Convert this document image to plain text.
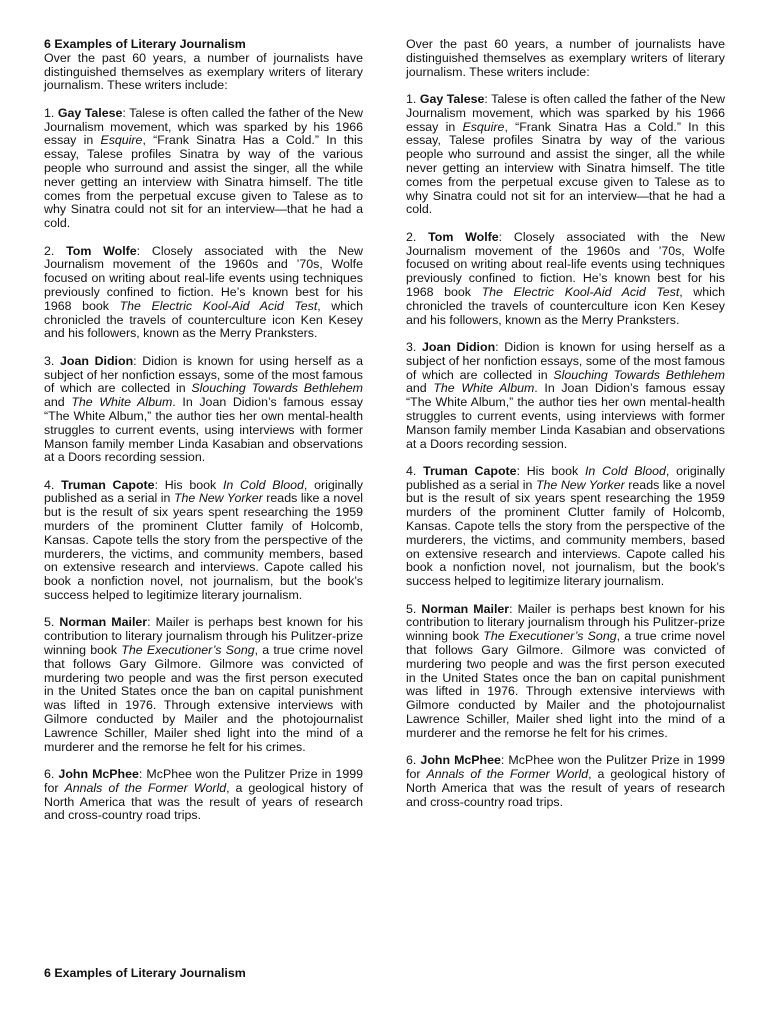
6 Examples of Literary Journalism

Over the past 60 years, a number of journalists have distinguished themselves as exemplary writers of literary journalism. These writers include:

1. Gay Talese: Talese is often called the father of the New Journalism movement, which was sparked by his 1966 essay in Esquire, “Frank Sinatra Has a Cold.” In this essay, Talese profiles Sinatra by way of the various people who surround and assist the singer, all the while never getting an interview with Sinatra himself. The title comes from the perpetual excuse given to Talese as to why Sinatra could not sit for an interview—that he had a cold.

2. Tom Wolfe: Closely associated with the New Journalism movement of the 1960s and ’70s, Wolfe focused on writing about real-life events using techniques previously confined to fiction. He’s known best for his 1968 book The Electric Kool-Aid Acid Test, which chronicled the travels of counterculture icon Ken Kesey and his followers, known as the Merry Pranksters.

3. Joan Didion: Didion is known for using herself as a subject of her nonfiction essays, some of the most famous of which are collected in Slouching Towards Bethlehem and The White Album. In Joan Didion’s famous essay “The White Album,” the author ties her own mental-health struggles to current events, using interviews with former Manson family member Linda Kasabian and observations at a Doors recording session.

4. Truman Capote: His book In Cold Blood, originally published as a serial in The New Yorker reads like a novel but is the result of six years spent researching the 1959 murders of the prominent Clutter family of Holcomb, Kansas. Capote tells the story from the perspective of the murderers, the victims, and community members, based on extensive research and interviews. Capote called his book a nonfiction novel, not journalism, but the book’s success helped to legitimize literary journalism.

5. Norman Mailer: Mailer is perhaps best known for his contribution to literary journalism through his Pulitzer-prize winning book The Executioner’s Song, a true crime novel that follows Gary Gilmore. Gilmore was convicted of murdering two people and was the first person executed in the United States once the ban on capital punishment was lifted in 1976. Through extensive interviews with Gilmore conducted by Mailer and the photojournalist Lawrence Schiller, Mailer shed light into the mind of a murderer and the remorse he felt for his crimes.

6. John McPhee: McPhee won the Pulitzer Prize in 1999 for Annals of the Former World, a geological history of North America that was the result of years of research and cross-country road trips.

Over the past 60 years, a number of journalists have distinguished themselves as exemplary writers of literary journalism. These writers include:

1. Gay Talese: Talese is often called the father of the New Journalism movement, which was sparked by his 1966 essay in Esquire, “Frank Sinatra Has a Cold.” In this essay, Talese profiles Sinatra by way of the various people who surround and assist the singer, all the while never getting an interview with Sinatra himself. The title comes from the perpetual excuse given to Talese as to why Sinatra could not sit for an interview—that he had a cold.

2. Tom Wolfe: Closely associated with the New Journalism movement of the 1960s and ’70s, Wolfe focused on writing about real-life events using techniques previously confined to fiction. He’s known best for his 1968 book The Electric Kool-Aid Acid Test, which chronicled the travels of counterculture icon Ken Kesey and his followers, known as the Merry Pranksters.

3. Joan Didion: Didion is known for using herself as a subject of her nonfiction essays, some of the most famous of which are collected in Slouching Towards Bethlehem and The White Album. In Joan Didion’s famous essay “The White Album,” the author ties her own mental-health struggles to current events, using interviews with former Manson family member Linda Kasabian and observations at a Doors recording session.

4. Truman Capote: His book In Cold Blood, originally published as a serial in The New Yorker reads like a novel but is the result of six years spent researching the 1959 murders of the prominent Clutter family of Holcomb, Kansas. Capote tells the story from the perspective of the murderers, the victims, and community members, based on extensive research and interviews. Capote called his book a nonfiction novel, not journalism, but the book’s success helped to legitimize literary journalism.

5. Norman Mailer: Mailer is perhaps best known for his contribution to literary journalism through his Pulitzer-prize winning book The Executioner’s Song, a true crime novel that follows Gary Gilmore. Gilmore was convicted of murdering two people and was the first person executed in the United States once the ban on capital punishment was lifted in 1976. Through extensive interviews with Gilmore conducted by Mailer and the photojournalist Lawrence Schiller, Mailer shed light into the mind of a murderer and the remorse he felt for his crimes.

6. John McPhee: McPhee won the Pulitzer Prize in 1999 for Annals of the Former World, a geological history of North America that was the result of years of research and cross-country road trips.

6 Examples of Literary Journalism
